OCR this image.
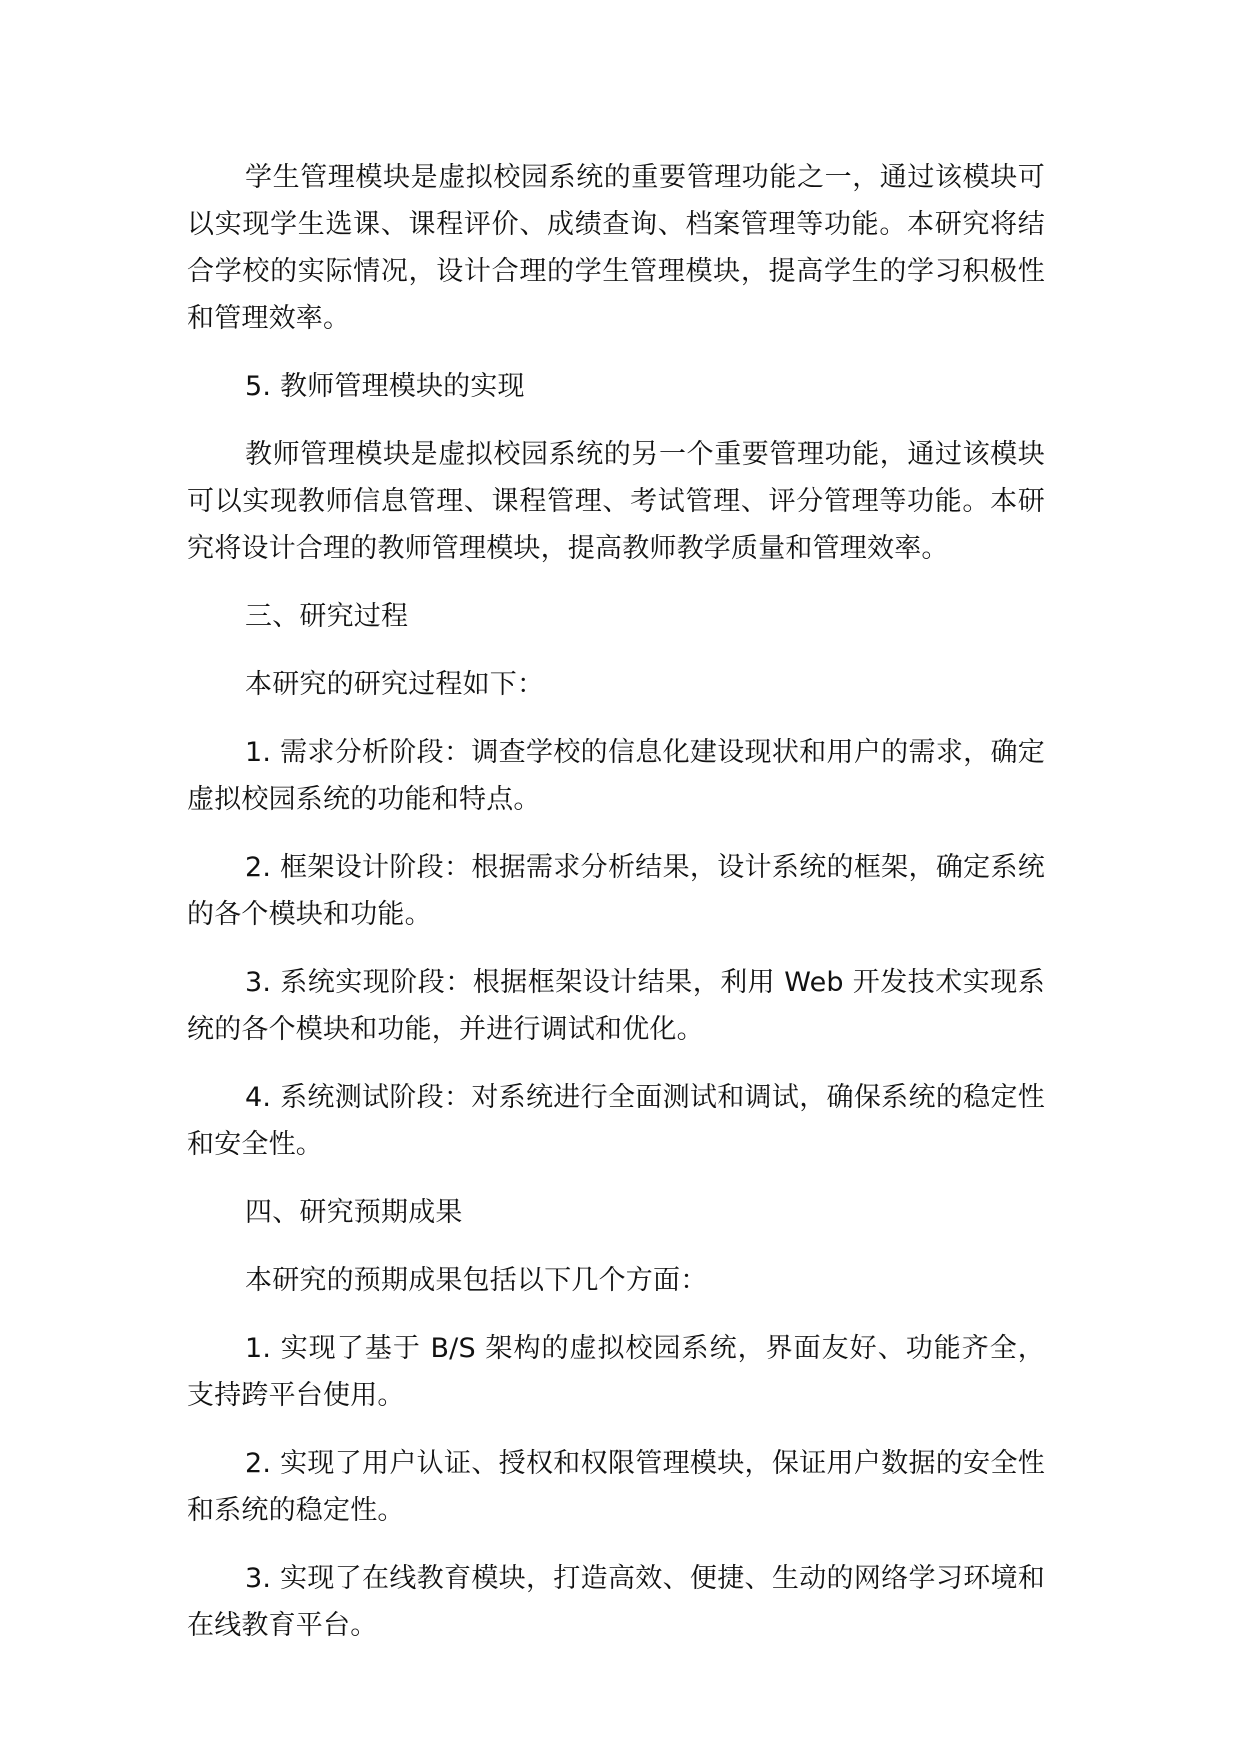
学生管理模块是虚拟校园系统的重要管理功能之一，通过该模块可以实现学生选课、课程评价、成绩查询、档案管理等功能。本研究将结合学校的实际情况，设计合理的学生管理模块，提高学生的学习积极性和管理效率。

5. 教师管理模块的实现

教师管理模块是虚拟校园系统的另一个重要管理功能，通过该模块可以实现教师信息管理、课程管理、考试管理、评分管理等功能。本研究将设计合理的教师管理模块，提高教师教学质量和管理效率。

三、研究过程

本研究的研究过程如下：

1. 需求分析阶段：调查学校的信息化建设现状和用户的需求，确定虚拟校园系统的功能和特点。

2. 框架设计阶段：根据需求分析结果，设计系统的框架，确定系统的各个模块和功能。

3. 系统实现阶段：根据框架设计结果，利用 Web 开发技术实现系统的各个模块和功能，并进行调试和优化。

4. 系统测试阶段：对系统进行全面测试和调试，确保系统的稳定性和安全性。

四、研究预期成果

本研究的预期成果包括以下几个方面：

1. 实现了基于 B/S 架构的虚拟校园系统，界面友好、功能齐全，支持跨平台使用。

2. 实现了用户认证、授权和权限管理模块，保证用户数据的安全性和系统的稳定性。

3. 实现了在线教育模块，打造高效、便捷、生动的网络学习环境和在线教育平台。
